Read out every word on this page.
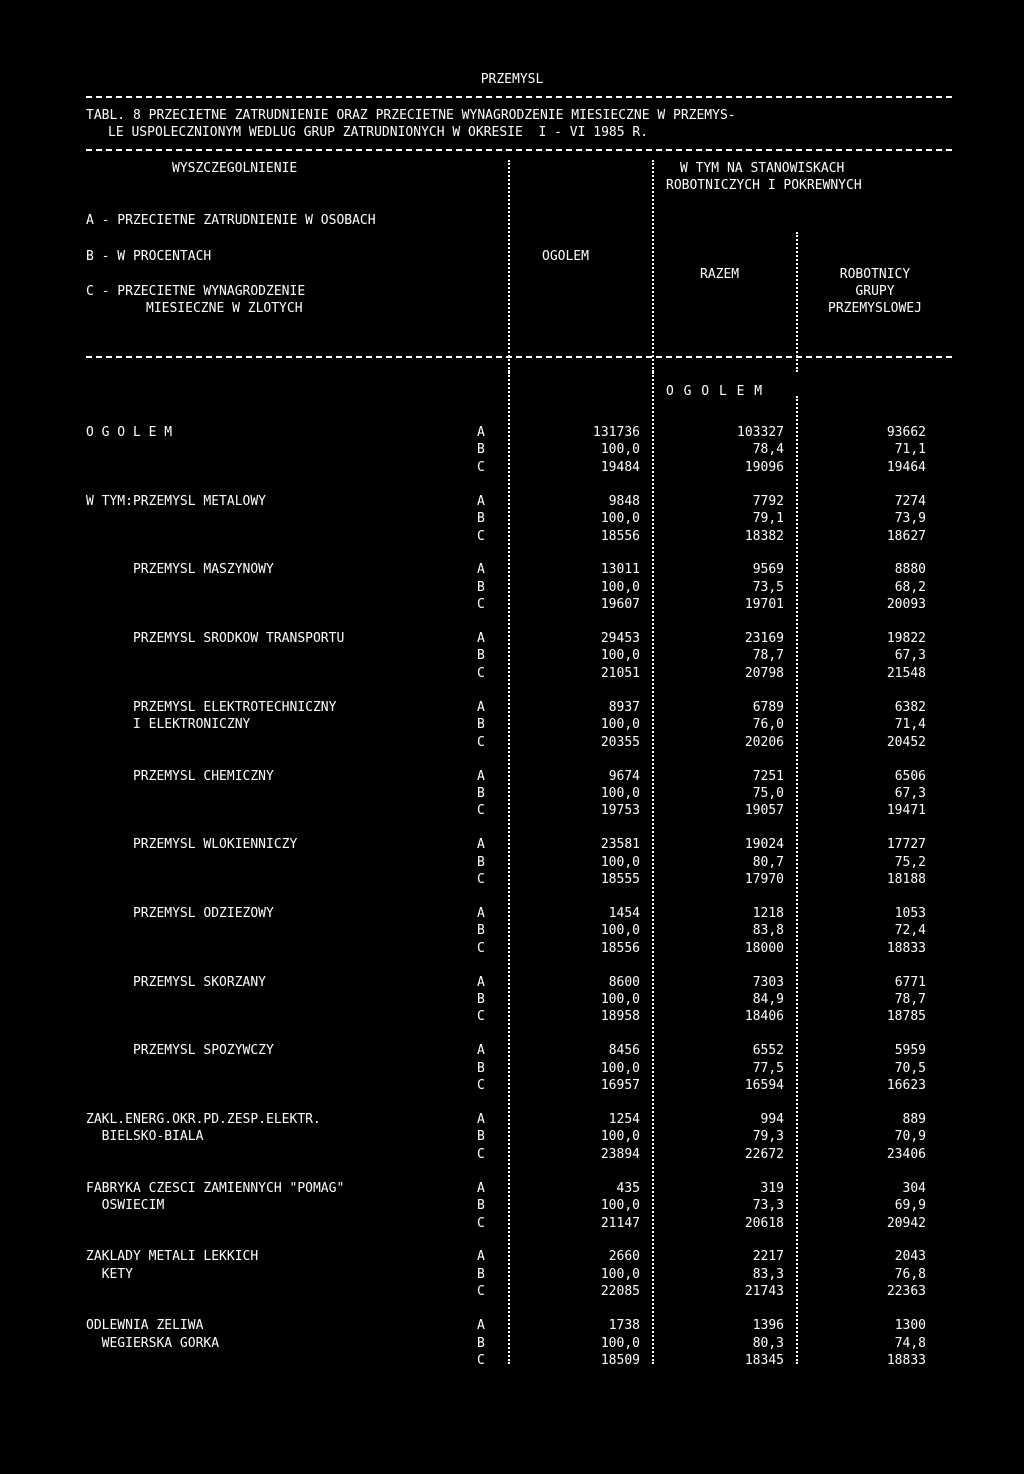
PRZEMYSL
TABL. 8 PRZECIETNE ZATRUDNIENIE ORAZ PRZECIETNE WYNAGRODZENIE MIESIECZNE W PRZEMYS-
LE USPOLECZNIONYM WEDLUG GRUP ZATRUDNIONYCH W OKRESIE  I - VI 1985 R.
WYSZCZEGOLNIENIE
A - PRZECIETNE ZATRUDNIENIE W OSOBACH
B - W PROCENTACH
C - PRZECIETNE WYNAGRODZENIE
MIESIECZNE W ZLOTYCH
OGOLEM
W TYM NA STANOWISKACH
ROBOTNICZYCH I POKREWNYCH
RAZEM	ROBOTNICY
GRUPY
PRZEMYSLOWEJ
O G O L E M
O G O L E M	A	131736	103327	93662
B	100,0	78,4	71,1
C	19484	19096	19464
W TYM:PRZEMYSL METALOWY	A	9848	7792	7274
B	100,0	79,1	73,9
C	18556	18382	18627
PRZEMYSL MASZYNOWY	A	13011	9569	8880
B	100,0	73,5	68,2
C	19607	19701	20093
PRZEMYSL SRODKOW TRANSPORTU	A	29453	23169	19822
B	100,0	78,7	67,3
C	21051	20798	21548
PRZEMYSL ELEKTROTECHNICZNY	A	8937	6789	6382
I ELEKTRONICZNY	B	100,0	76,0	71,4
C	20355	20206	20452
PRZEMYSL CHEMICZNY	A	9674	7251	6506
B	100,0	75,0	67,3
C	19753	19057	19471
PRZEMYSL WLOKIENNICZY	A	23581	19024	17727
B	100,0	80,7	75,2
C	18555	17970	18188
PRZEMYSL ODZIEZOWY	A	1454	1218	1053
B	100,0	83,8	72,4
C	18556	18000	18833
PRZEMYSL SKORZANY	A	8600	7303	6771
B	100,0	84,9	78,7
C	18958	18406	18785
PRZEMYSL SPOZYWCZY	A	8456	6552	5959
B	100,0	77,5	70,5
C	16957	16594	16623
ZAKL.ENERG.OKR.PD.ZESP.ELEKTR.	A	1254	994	889
BIELSKO-BIALA	B	100,0	79,3	70,9
C	23894	22672	23406
FABRYKA CZESCI ZAMIENNYCH "POMAG"	A	435	319	304
OSWIECIM	B	100,0	73,3	69,9
C	21147	20618	20942
ZAKLADY METALI LEKKICH	A	2660	2217	2043
KETY	B	100,0	83,3	76,8
C	22085	21743	22363
ODLEWNIA ZELIWA	A	1738	1396	1300
WEGIERSKA GORKA	B	100,0	80,3	74,8
C	18509	18345	18833
